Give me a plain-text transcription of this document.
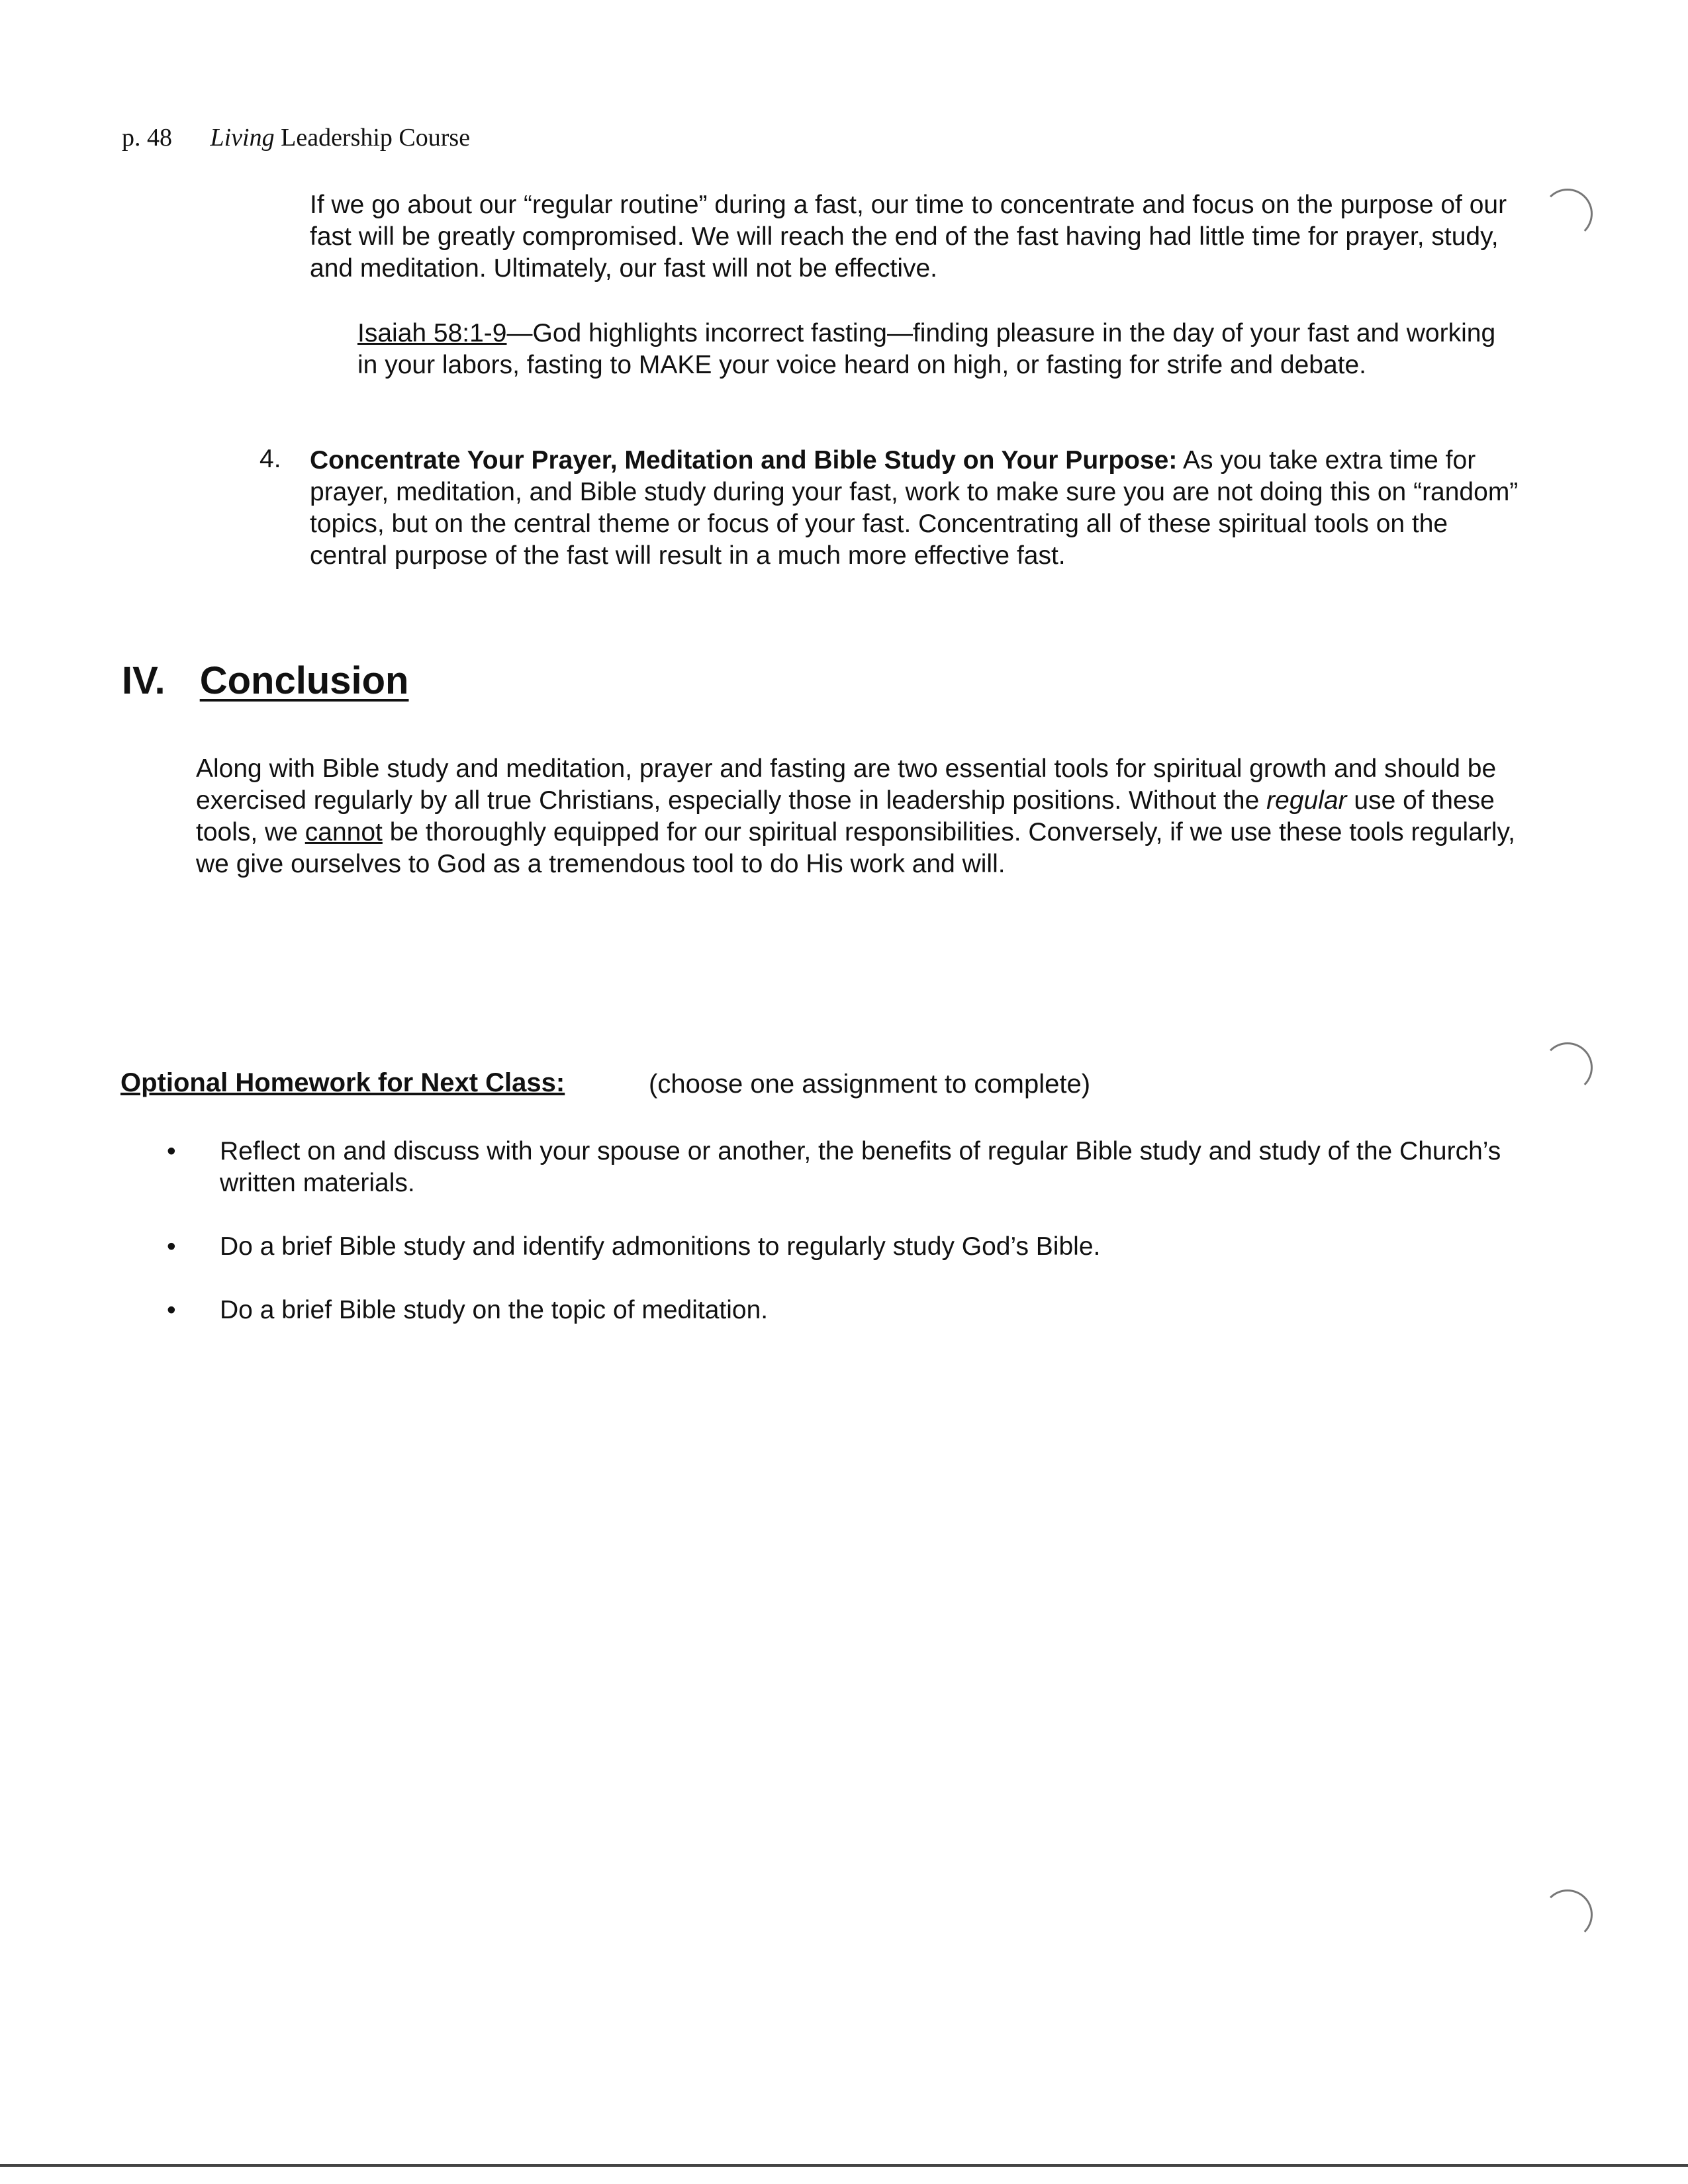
p. 48 Living Leadership Course

If we go about our “regular routine” during a fast, our time to concentrate and focus on the purpose of our fast will be greatly compromised. We will reach the end of the fast having had little time for prayer, study, and meditation. Ultimately, our fast will not be effective.

Isaiah 58:1-9—God highlights incorrect fasting—finding pleasure in the day of your fast and working in your labors, fasting to MAKE your voice heard on high, or fasting for strife and debate.

4. Concentrate Your Prayer, Meditation and Bible Study on Your Purpose: As you take extra time for prayer, meditation, and Bible study during your fast, work to make sure you are not doing this on “random” topics, but on the central theme or focus of your fast. Concentrating all of these spiritual tools on the central purpose of the fast will result in a much more effective fast.

IV. Conclusion

Along with Bible study and meditation, prayer and fasting are two essential tools for spiritual growth and should be exercised regularly by all true Christians, especially those in leadership positions. Without the regular use of these tools, we cannot be thoroughly equipped for our spiritual responsibilities. Conversely, if we use these tools regularly, we give ourselves to God as a tremendous tool to do His work and will.

Optional Homework for Next Class:	(choose one assignment to complete)
• Reflect on and discuss with your spouse or another, the benefits of regular Bible study and study of the Church’s written materials.
• Do a brief Bible study and identify admonitions to regularly study God’s Bible.
• Do a brief Bible study on the topic of meditation.
